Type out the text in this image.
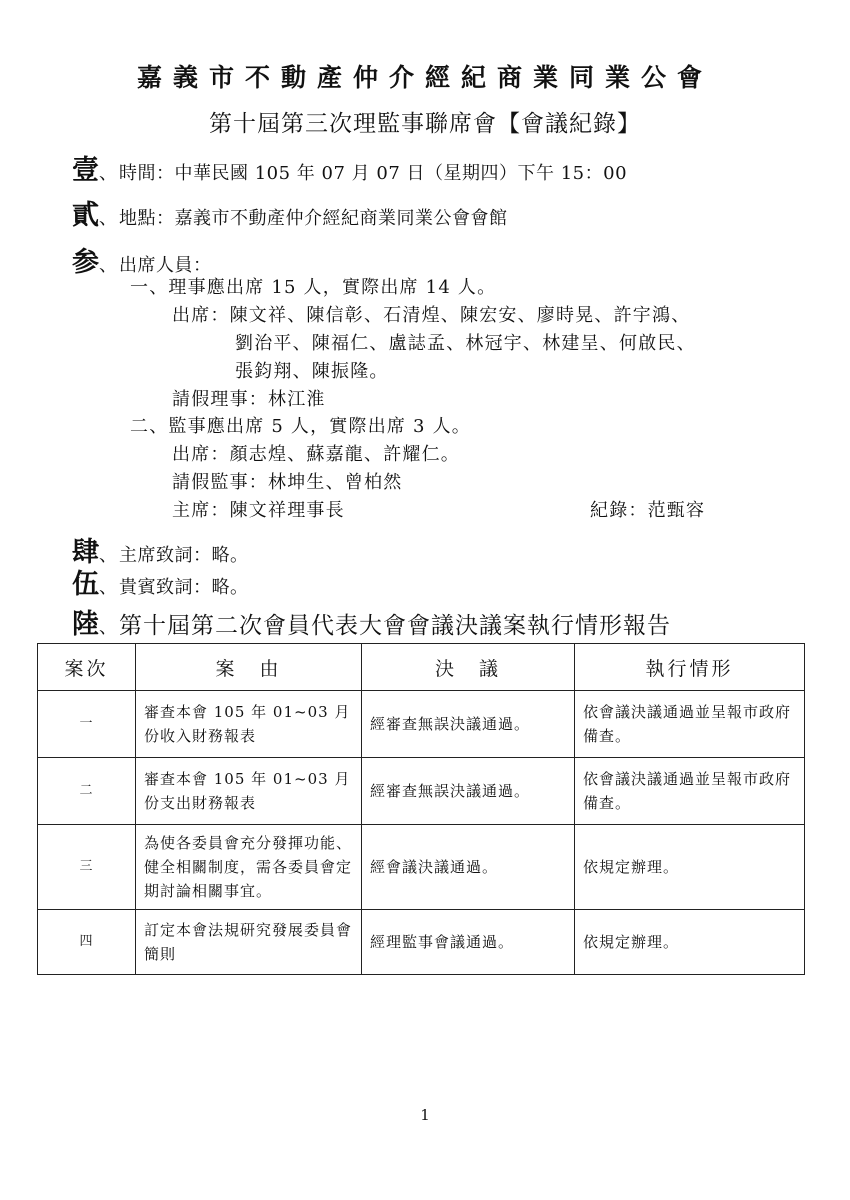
嘉義市不動產仲介經紀商業同業公會
第十屆第三次理監事聯席會【會議紀錄】
壹、 時間：中華民國 105 年 07 月 07 日（星期四）下午 15：00
貳、 地點：嘉義市不動產仲介經紀商業同業公會會館
参、 出席人員：
一、理事應出席 15 人，實際出席 14 人。
出席：陳文祥、陳信彰、石清煌、陳宏安、廖時晃、許宇鴻、
劉治平、陳福仁、盧誌孟、林冠宇、林建呈、何啟民、
張鈞翔、陳振隆。
請假理事：林江淮
二、監事應出席 5 人，實際出席 3 人。
出席：顏志煌、蘇嘉龍、許耀仁。
請假監事：林坤生、曾柏然
主席：陳文祥理事長	紀錄：范甄容
肆、 主席致詞：略。
伍、 貴賓致詞：略。
陸、第十屆第二次會員代表大會會議決議案執行情形報告
案次	案　由	決　議	執行情形
一	審查本會 105 年 01~03 月份收入財務報表	經審查無誤決議通過。	依會議決議通過並呈報市政府備查。
二	審查本會 105 年 01~03 月份支出財務報表	經審查無誤決議通過。	依會議決議通過並呈報市政府備查。
三	為使各委員會充分發揮功能、健全相關制度，需各委員會定期討論相關事宜。	經會議決議通過。	依規定辦理。
四	訂定本會法規研究發展委員會簡則	經理監事會議通過。	依規定辦理。
1
